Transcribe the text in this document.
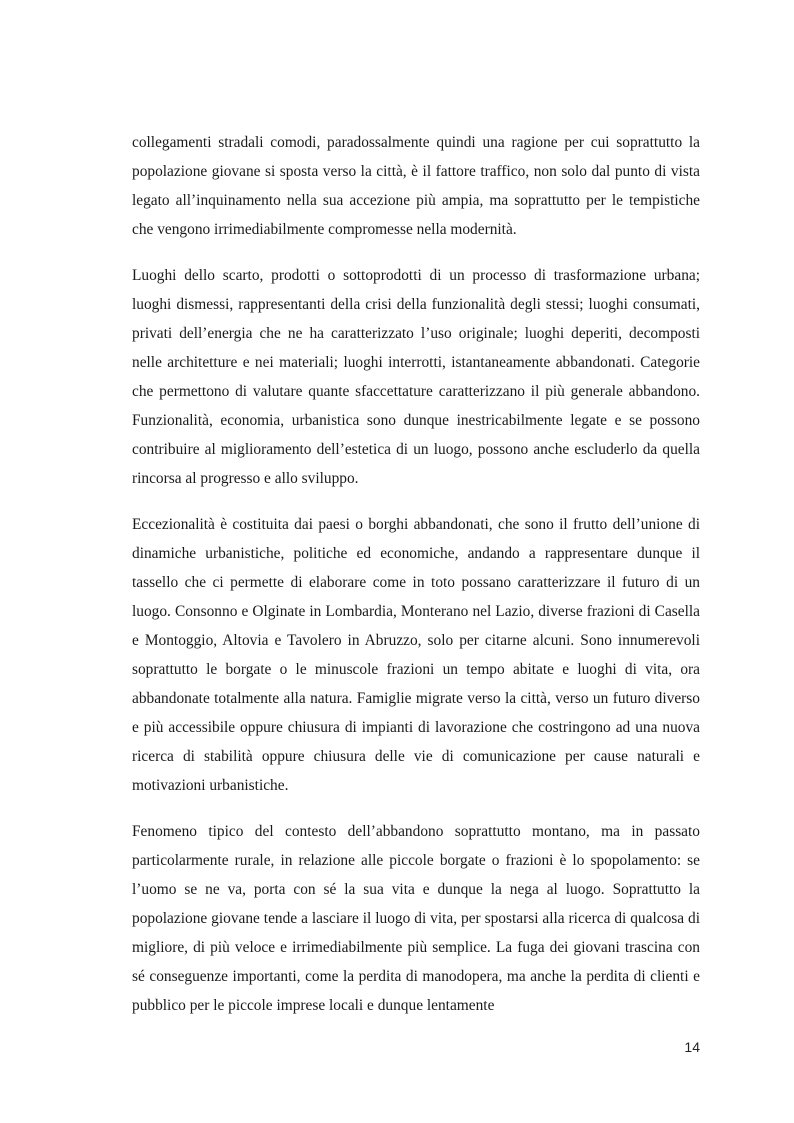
collegamenti stradali comodi, paradossalmente quindi una ragione per cui soprattutto la popolazione giovane si sposta verso la città, è il fattore traffico, non solo dal punto di vista legato all’inquinamento nella sua accezione più ampia, ma soprattutto per le tempistiche che vengono irrimediabilmente compromesse nella modernità.

Luoghi dello scarto, prodotti o sottoprodotti di un processo di trasformazione urbana; luoghi dismessi, rappresentanti della crisi della funzionalità degli stessi; luoghi consumati, privati dell’energia che ne ha caratterizzato l’uso originale; luoghi deperiti, decomposti nelle architetture e nei materiali; luoghi interrotti, istantaneamente abbandonati. Categorie che permettono di valutare quante sfaccettature caratterizzano il più generale abbandono. Funzionalità, economia, urbanistica sono dunque inestricabilmente legate e se possono contribuire al miglioramento dell’estetica di un luogo, possono anche escluderlo da quella rincorsa al progresso e allo sviluppo.

Eccezionalità è costituita dai paesi o borghi abbandonati, che sono il frutto dell’unione di dinamiche urbanistiche, politiche ed economiche, andando a rappresentare dunque il tassello che ci permette di elaborare come in toto possano caratterizzare il futuro di un luogo. Consonno e Olginate in Lombardia, Monterano nel Lazio, diverse frazioni di Casella e Montoggio, Altovia e Tavolero in Abruzzo, solo per citarne alcuni. Sono innumerevoli soprattutto le borgate o le minuscole frazioni un tempo abitate e luoghi di vita, ora abbandonate totalmente alla natura. Famiglie migrate verso la città, verso un futuro diverso e più accessibile oppure chiusura di impianti di lavorazione che costringono ad una nuova ricerca di stabilità oppure chiusura delle vie di comunicazione per cause naturali e motivazioni urbanistiche.

Fenomeno tipico del contesto dell’abbandono soprattutto montano, ma in passato particolarmente rurale, in relazione alle piccole borgate o frazioni è lo spopolamento: se l’uomo se ne va, porta con sé la sua vita e dunque la nega al luogo. Soprattutto la popolazione giovane tende a lasciare il luogo di vita, per spostarsi alla ricerca di qualcosa di migliore, di più veloce e irrimediabilmente più semplice. La fuga dei giovani trascina con sé conseguenze importanti, come la perdita di manodopera, ma anche la perdita di clienti e pubblico per le piccole imprese locali e dunque lentamente

14
